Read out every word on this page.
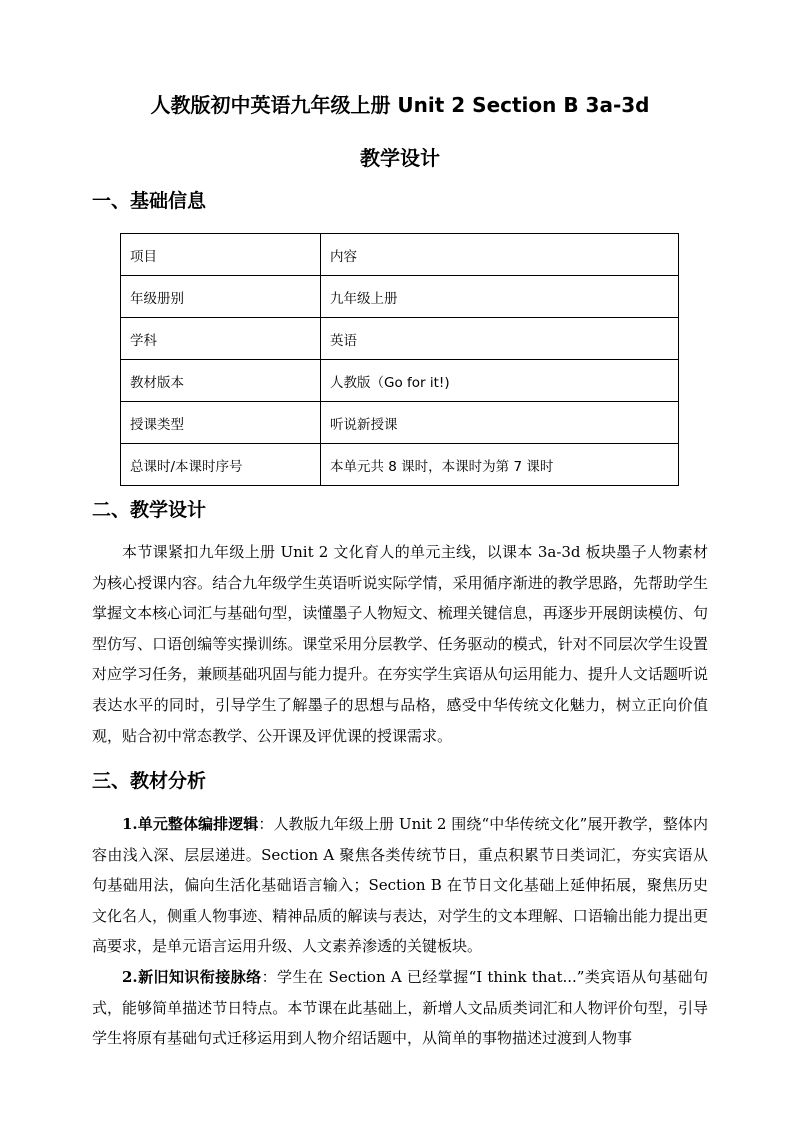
人教版初中英语九年级上册 Unit 2 Section B 3a-3d
教学设计
一、基础信息
项目	内容
年级册别	九年级上册
学科	英语
教材版本	人教版（Go for it!)
授课类型	听说新授课
总课时/本课时序号	本单元共 8 课时，本课时为第 7 课时
二、教学设计

本节课紧扣九年级上册 Unit 2 文化育人的单元主线，以课本 3a-3d 板块墨子人物素材为核心授课内容。结合九年级学生英语听说实际学情，采用循序渐进的教学思路，先帮助学生掌握文本核心词汇与基础句型，读懂墨子人物短文、梳理关键信息，再逐步开展朗读模仿、句型仿写、口语创编等实操训练。课堂采用分层教学、任务驱动的模式，针对不同层次学生设置对应学习任务，兼顾基础巩固与能力提升。在夯实学生宾语从句运用能力、提升人文话题听说表达水平的同时，引导学生了解墨子的思想与品格，感受中华传统文化魅力，树立正向价值观，贴合初中常态教学、公开课及评优课的授课需求。

三、教材分析

1.单元整体编排逻辑：人教版九年级上册 Unit 2 围绕“中华传统文化”展开教学，整体内容由浅入深、层层递进。Section A 聚焦各类传统节日，重点积累节日类词汇，夯实宾语从句基础用法，偏向生活化基础语言输入；Section B 在节日文化基础上延伸拓展，聚焦历史文化名人，侧重人物事迹、精神品质的解读与表达，对学生的文本理解、口语输出能力提出更高要求，是单元语言运用升级、人文素养渗透的关键板块。

2.新旧知识衔接脉络：学生在 Section A 已经掌握“I think that...”类宾语从句基础句式，能够简单描述节日特点。本节课在此基础上，新增人文品质类词汇和人物评价句型，引导学生将原有基础句式迁移运用到人物介绍话题中，从简单的事物描述过渡到人物事
